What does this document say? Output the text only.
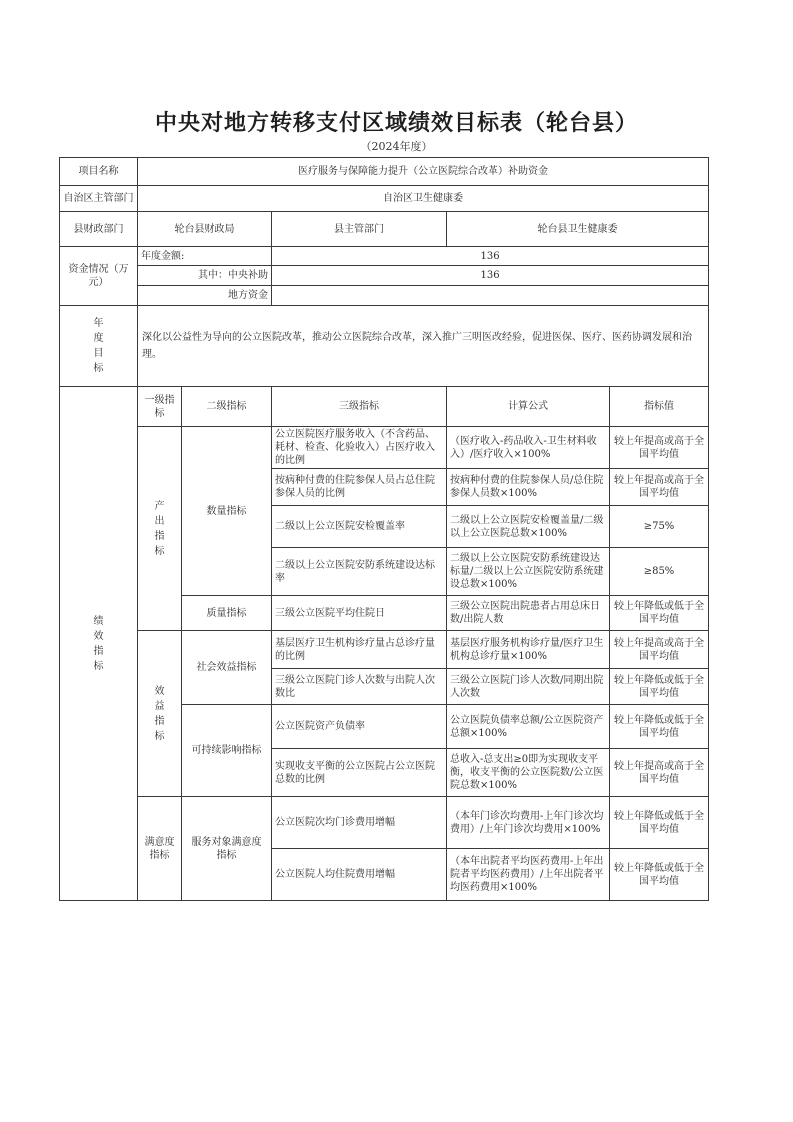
中央对地方转移支付区域绩效目标表（轮台县）
（2024年度）
项目名称	医疗服务与保障能力提升（公立医院综合改革）补助资金				
自治区主管部门	自治区卫生健康委				
县财政部门	轮台县财政局		县主管部门	轮台县卫生健康委	
资金情况（万元）	年度金额:		136		
	其中：中央补助		136		
	地方资金				
年度目标	深化以公益性为导向的公立医院改革，推动公立医院综合改革，深入推广三明医改经验，促进医保、医疗、医药协调发展和治理。				
绩效指标	一级指标	二级指标	三级指标	计算公式	指标值
	产出指标	数量指标	公立医院医疗服务收入（不含药品、耗材、检查、化验收入）占医疗收入的比例	（医疗收入-药品收入-卫生材料收入）/医疗收入×100%	较上年提高或高于全国平均值
			按病种付费的住院参保人员占总住院参保人员的比例	按病种付费的住院参保人员/总住院参保人员数×100%	较上年提高或高于全国平均值
			二级以上公立医院安检覆盖率	二级以上公立医院安检覆盖量/二级以上公立医院总数×100%	≥75%
			二级以上公立医院安防系统建设达标率	二级以上公立医院安防系统建设达标量/二级以上公立医院安防系统建设总数×100%	≥85%
		质量指标	三级公立医院平均住院日	三级公立医院出院患者占用总床日数/出院人数	较上年降低或低于全国平均值
	效益指标	社会效益指标	基层医疗卫生机构诊疗量占总诊疗量的比例	基层医疗服务机构诊疗量/医疗卫生机构总诊疗量×100%	较上年提高或高于全国平均值
			三级公立医院门诊人次数与出院人次数比	三级公立医院门诊人次数/同期出院人次数	较上年降低或低于全国平均值
		可持续影响指标	公立医院资产负债率	公立医院负债率总额/公立医院资产总额×100%	较上年降低或低于全国平均值
			实现收支平衡的公立医院占公立医院总数的比例	总收入-总支出≥0即为实现收支平衡，收支平衡的公立医院数/公立医院总数×100%	较上年提高或高于全国平均值
	满意度指标	服务对象满意度指标	公立医院次均门诊费用增幅	（本年门诊次均费用-上年门诊次均费用）/上年门诊次均费用×100%	较上年降低或低于全国平均值
			公立医院人均住院费用增幅	（本年出院者平均医药费用-上年出院者平均医药费用）/上年出院者平均医药费用×100%	较上年降低或低于全国平均值
